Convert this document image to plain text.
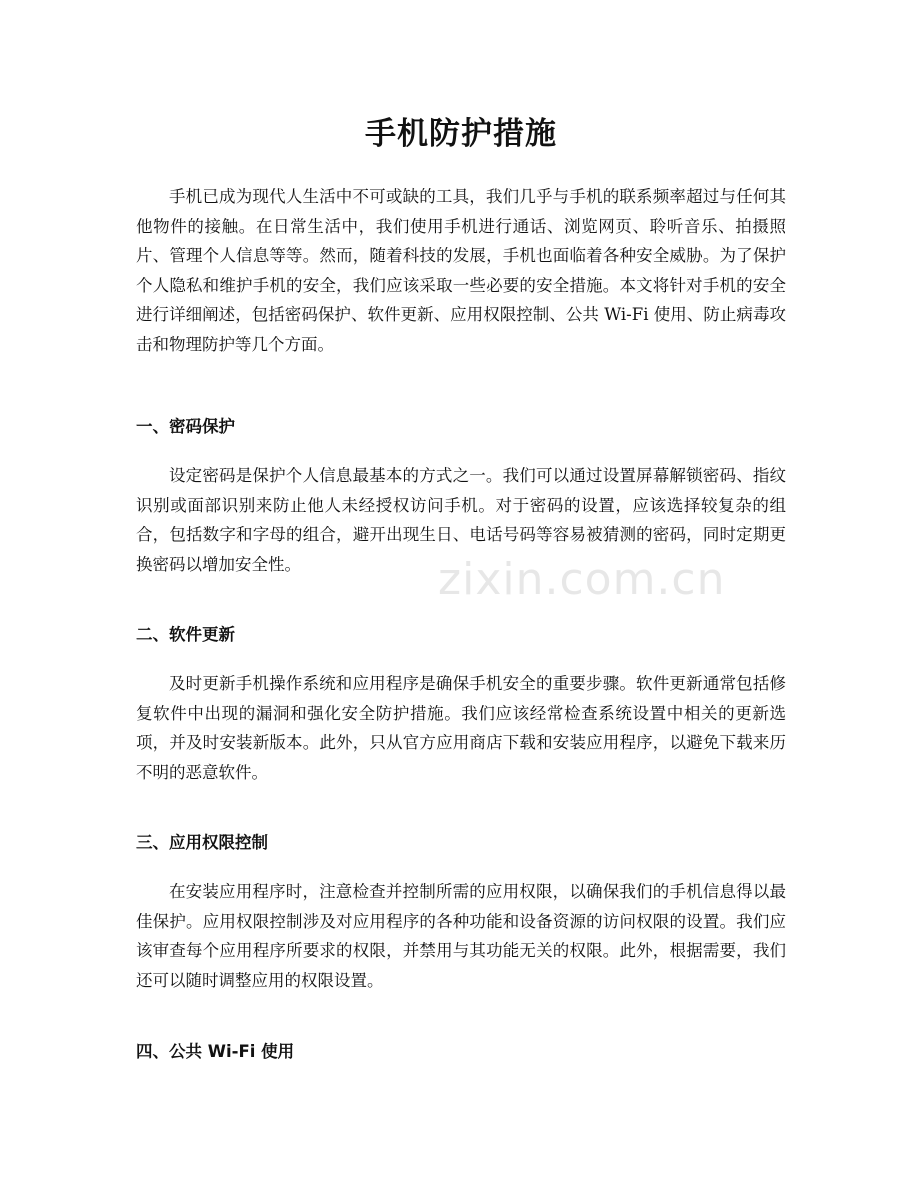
手机防护措施

手机已成为现代人生活中不可或缺的工具，我们几乎与手机的联系频率超过与任何其他物件的接触。在日常生活中，我们使用手机进行通话、浏览网页、聆听音乐、拍摄照片、管理个人信息等等。然而，随着科技的发展，手机也面临着各种安全威胁。为了保护个人隐私和维护手机的安全，我们应该采取一些必要的安全措施。本文将针对手机的安全进行详细阐述，包括密码保护、软件更新、应用权限控制、公共 Wi-Fi 使用、防止病毒攻击和物理防护等几个方面。

一、密码保护

设定密码是保护个人信息最基本的方式之一。我们可以通过设置屏幕解锁密码、指纹识别或面部识别来防止他人未经授权访问手机。对于密码的设置，应该选择较复杂的组合，包括数字和字母的组合，避开出现生日、电话号码等容易被猜测的密码，同时定期更换密码以增加安全性。

二、软件更新

及时更新手机操作系统和应用程序是确保手机安全的重要步骤。软件更新通常包括修复软件中出现的漏洞和强化安全防护措施。我们应该经常检查系统设置中相关的更新选项，并及时安装新版本。此外，只从官方应用商店下载和安装应用程序，以避免下载来历不明的恶意软件。

三、应用权限控制

在安装应用程序时，注意检查并控制所需的应用权限，以确保我们的手机信息得以最佳保护。应用权限控制涉及对应用程序的各种功能和设备资源的访问权限的设置。我们应该审查每个应用程序所要求的权限，并禁用与其功能无关的权限。此外，根据需要，我们还可以随时调整应用的权限设置。

四、公共 Wi-Fi 使用
zixin.com.cn
